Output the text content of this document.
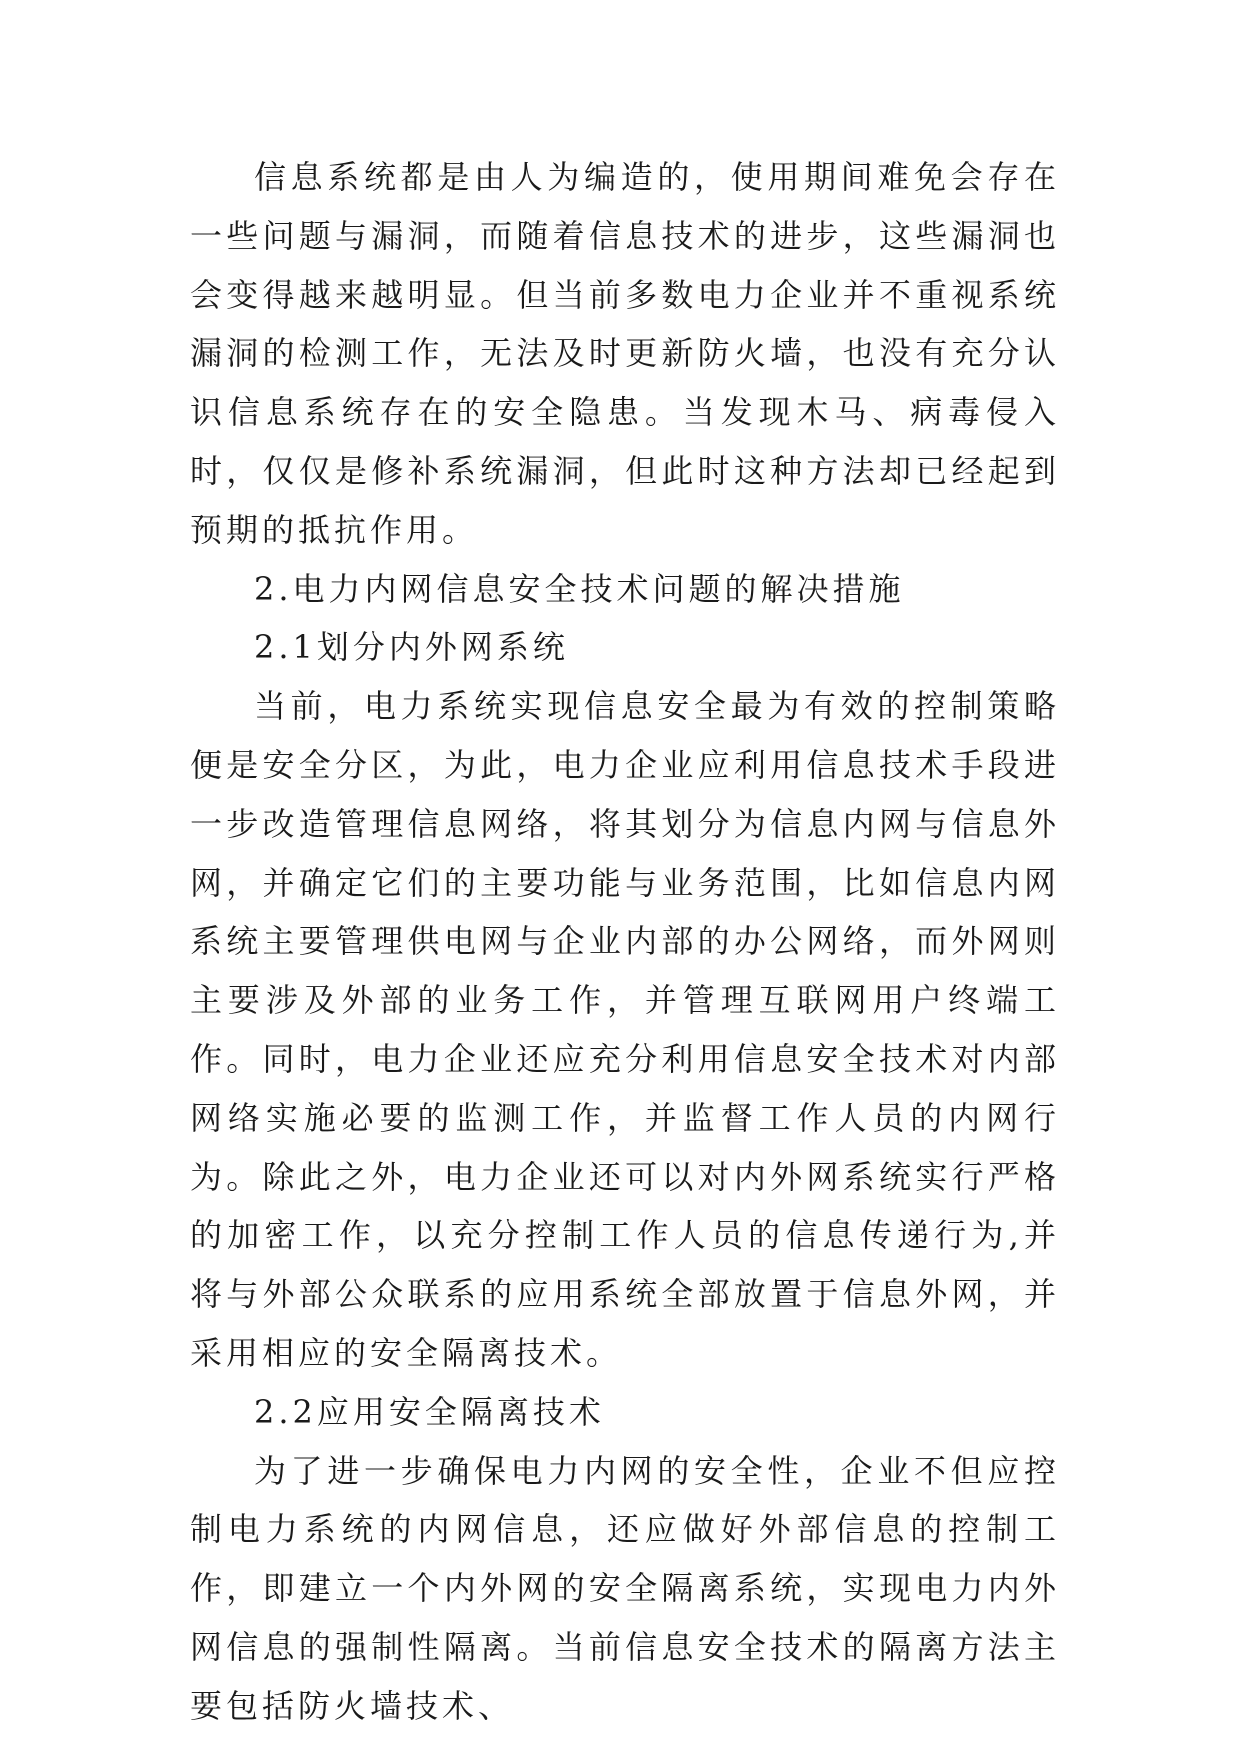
信息系统都是由人为编造的，使用期间难免会存在一些问题与漏洞，而随着信息技术的进步，这些漏洞也会变得越来越明显。但当前多数电力企业并不重视系统漏洞的检测工作，无法及时更新防火墙，也没有充分认识信息系统存在的安全隐患。当发现木马、病毒侵入时，仅仅是修补系统漏洞，但此时这种方法却已经起到预期的抵抗作用。

2.电力内网信息安全技术问题的解决措施

2.1划分内外网系统

当前，电力系统实现信息安全最为有效的控制策略便是安全分区，为此，电力企业应利用信息技术手段进一步改造管理信息网络，将其划分为信息内网与信息外网，并确定它们的主要功能与业务范围，比如信息内网系统主要管理供电网与企业内部的办公网络，而外网则主要涉及外部的业务工作，并管理互联网用户终端工作。同时，电力企业还应充分利用信息安全技术对内部网络实施必要的监测工作，并监督工作人员的内网行为。除此之外，电力企业还可以对内外网系统实行严格的加密工作，以充分控制工作人员的信息传递行为,并将与外部公众联系的应用系统全部放置于信息外网，并采用相应的安全隔离技术。

2.2应用安全隔离技术

为了进一步确保电力内网的安全性，企业不但应控制电力系统的内网信息，还应做好外部信息的控制工作，即建立一个内外网的安全隔离系统，实现电力内外网信息的强制性隔离。当前信息安全技术的隔离方法主要包括防火墙技术、
